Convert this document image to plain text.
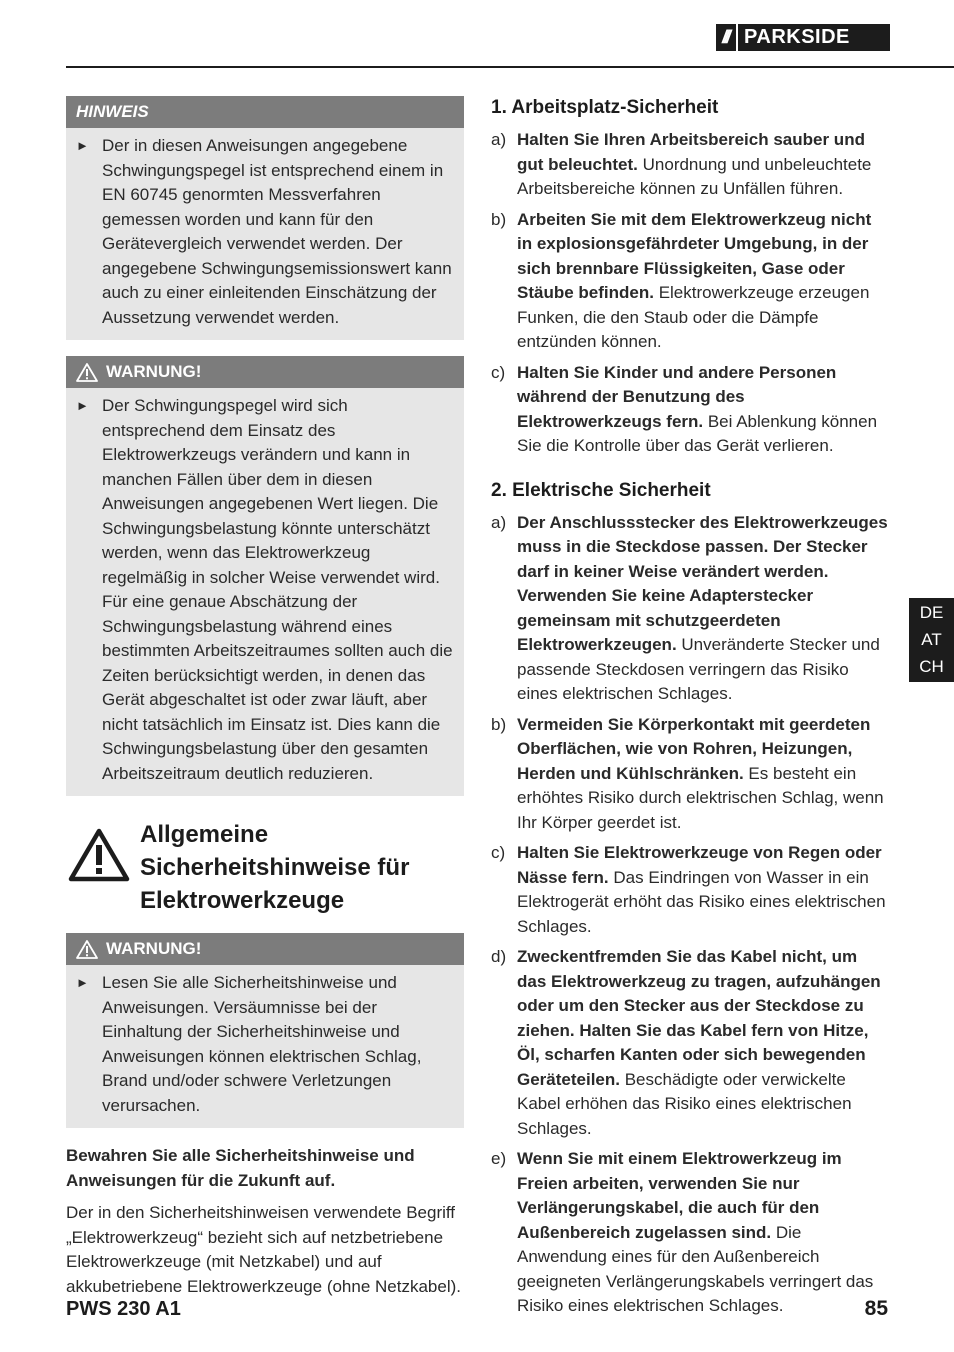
/// PARKSIDE
HINWEIS
► Der in diesen Anweisungen angegebene Schwingungspegel ist entsprechend einem in EN 60745 genormten Messverfahren gemessen worden und kann für den Gerätevergleich verwendet werden. Der angegebene Schwingungsemissionswert kann auch zu einer einleitenden Einschätzung der Aussetzung verwendet werden.
WARNUNG!
► Der Schwingungspegel wird sich entsprechend dem Einsatz des Elektrowerkzeugs verändern und kann in manchen Fällen über dem in diesen Anweisungen angegebenen Wert liegen. Die Schwingungsbelastung könnte unterschätzt werden, wenn das Elektrowerkzeug regelmäßig in solcher Weise verwendet wird. Für eine genaue Abschätzung der Schwingungsbelastung während eines bestimmten Arbeitszeitraumes sollten auch die Zeiten berücksichtigt werden, in denen das Gerät abgeschaltet ist oder zwar läuft, aber nicht tatsächlich im Einsatz ist. Dies kann die Schwingungsbelastung über den gesamten Arbeitszeitraum deutlich reduzieren.
Allgemeine Sicherheitshinweise für Elektrowerkzeuge
WARNUNG!
► Lesen Sie alle Sicherheitshinweise und Anweisungen. Versäumnisse bei der Einhaltung der Sicherheitshinweise und Anweisungen können elektrischen Schlag, Brand und/oder schwere Verletzungen verursachen.

Bewahren Sie alle Sicherheitshinweise und Anweisungen für die Zukunft auf.

Der in den Sicherheitshinweisen verwendete Begriff „Elektrowerkzeug“ bezieht sich auf netzbetriebene Elektrowerkzeuge (mit Netzkabel) und auf akkubetriebene Elektrowerkzeuge (ohne Netzkabel).

1. Arbeitsplatz-Sicherheit
a) Halten Sie Ihren Arbeitsbereich sauber und gut beleuchtet. Unordnung und unbeleuchtete Arbeitsbereiche können zu Unfällen führen.
b) Arbeiten Sie mit dem Elektrowerkzeug nicht in explosionsgefährdeter Umgebung, in der sich brennbare Flüssigkeiten, Gase oder Stäube befinden. Elektrowerkzeuge erzeugen Funken, die den Staub oder die Dämpfe entzünden können.
c) Halten Sie Kinder und andere Personen während der Benutzung des Elektrowerkzeugs fern. Bei Ablenkung können Sie die Kontrolle über das Gerät verlieren.
2. Elektrische Sicherheit
a) Der Anschlussstecker des Elektrowerkzeuges muss in die Steckdose passen. Der Stecker darf in keiner Weise verändert werden. Verwenden Sie keine Adapterstecker gemeinsam mit schutzgeerdeten Elektrowerkzeugen. Unveränderte Stecker und passende Steckdosen verringern das Risiko eines elektrischen Schlages.
b) Vermeiden Sie Körperkontakt mit geerdeten Oberflächen, wie von Rohren, Heizungen, Herden und Kühlschränken. Es besteht ein erhöhtes Risiko durch elektrischen Schlag, wenn Ihr Körper geerdet ist.
c) Halten Sie Elektrowerkzeuge von Regen oder Nässe fern. Das Eindringen von Wasser in ein Elektrogerät erhöht das Risiko eines elektrischen Schlages.
d) Zweckentfremden Sie das Kabel nicht, um das Elektrowerkzeug zu tragen, aufzuhängen oder um den Stecker aus der Steckdose zu ziehen. Halten Sie das Kabel fern von Hitze, Öl, scharfen Kanten oder sich bewegenden Geräteteilen. Beschädigte oder verwickelte Kabel erhöhen das Risiko eines elektrischen Schlages.
e) Wenn Sie mit einem Elektrowerkzeug im Freien arbeiten, verwenden Sie nur Verlängerungskabel, die auch für den Außenbereich zugelassen sind. Die Anwendung eines für den Außenbereich geeigneten Verlängerungskabels verringert das Risiko eines elektrischen Schlages.
DE
AT
CH
PWS 230 A1	85
